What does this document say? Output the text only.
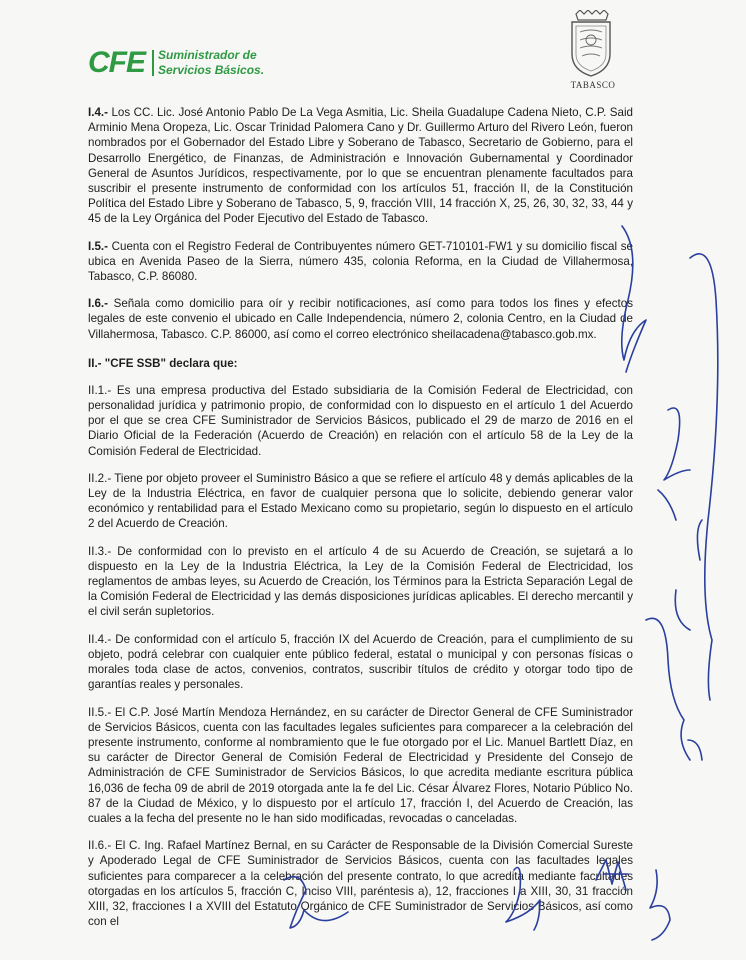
CFE Suministrador de
Servicios Básicos.
TABASCO

I.4.- Los CC. Lic. José Antonio Pablo De La Vega Asmitia, Lic. Sheila Guadalupe Cadena Nieto, C.P. Said Arminio Mena Oropeza, Lic. Oscar Trinidad Palomera Cano y Dr. Guillermo Arturo del Rivero León, fueron nombrados por el Gobernador del Estado Libre y Soberano de Tabasco, Secretario de Gobierno, para el Desarrollo Energético, de Finanzas, de Administración e Innovación Gubernamental y Coordinador General de Asuntos Jurídicos, respectivamente, por lo que se encuentran plenamente facultados para suscribir el presente instrumento de conformidad con los artículos 51, fracción II, de la Constitución Política del Estado Libre y Soberano de Tabasco, 5, 9, fracción VIII, 14 fracción X, 25, 26, 30, 32, 33, 44 y 45 de la Ley Orgánica del Poder Ejecutivo del Estado de Tabasco.

I.5.- Cuenta con el Registro Federal de Contribuyentes número GET-710101-FW1 y su domicilio fiscal se ubica en Avenida Paseo de la Sierra, número 435, colonia Reforma, en la Ciudad de Villahermosa, Tabasco, C.P. 86080.

I.6.- Señala como domicilio para oír y recibir notificaciones, así como para todos los fines y efectos legales de este convenio el ubicado en Calle Independencia, número 2, colonia Centro, en la Ciudad de Villahermosa, Tabasco. C.P. 86000, así como el correo electrónico sheilacadena@tabasco.gob.mx.

II.- "CFE SSB" declara que:

II.1.- Es una empresa productiva del Estado subsidiaria de la Comisión Federal de Electricidad, con personalidad jurídica y patrimonio propio, de conformidad con lo dispuesto en el artículo 1 del Acuerdo por el que se crea CFE Suministrador de Servicios Básicos, publicado el 29 de marzo de 2016 en el Diario Oficial de la Federación (Acuerdo de Creación) en relación con el artículo 58 de la Ley de la Comisión Federal de Electricidad.

II.2.- Tiene por objeto proveer el Suministro Básico a que se refiere el artículo 48 y demás aplicables de la Ley de la Industria Eléctrica, en favor de cualquier persona que lo solicite, debiendo generar valor económico y rentabilidad para el Estado Mexicano como su propietario, según lo dispuesto en el artículo 2 del Acuerdo de Creación.

II.3.- De conformidad con lo previsto en el artículo 4 de su Acuerdo de Creación, se sujetará a lo dispuesto en la Ley de la Industria Eléctrica, la Ley de la Comisión Federal de Electricidad, los reglamentos de ambas leyes, su Acuerdo de Creación, los Términos para la Estricta Separación Legal de la Comisión Federal de Electricidad y las demás disposiciones jurídicas aplicables. El derecho mercantil y el civil serán supletorios.

II.4.- De conformidad con el artículo 5, fracción IX del Acuerdo de Creación, para el cumplimiento de su objeto, podrá celebrar con cualquier ente público federal, estatal o municipal y con personas físicas o morales toda clase de actos, convenios, contratos, suscribir títulos de crédito y otorgar todo tipo de garantías reales y personales.

II.5.- El C.P. José Martín Mendoza Hernández, en su carácter de Director General de CFE Suministrador de Servicios Básicos, cuenta con las facultades legales suficientes para comparecer a la celebración del presente instrumento, conforme al nombramiento que le fue otorgado por el Lic. Manuel Bartlett Díaz, en su carácter de Director General de Comisión Federal de Electricidad y Presidente del Consejo de Administración de CFE Suministrador de Servicios Básicos, lo que acredita mediante escritura pública 16,036 de fecha 09 de abril de 2019 otorgada ante la fe del Lic. César Álvarez Flores, Notario Público No. 87 de la Ciudad de México, y lo dispuesto por el artículo 17, fracción I, del Acuerdo de Creación, las cuales a la fecha del presente no le han sido modificadas, revocadas o canceladas.

II.6.- El C. Ing. Rafael Martínez Bernal, en su Carácter de Responsable de la División Comercial Sureste y Apoderado Legal de CFE Suministrador de Servicios Básicos, cuenta con las facultades legales suficientes para comparecer a la celebración del presente contrato, lo que acredita mediante facultades otorgadas en los artículos 5, fracción C, Inciso VIII, paréntesis a), 12, fracciones I a XIII, 30, 31 fracción XIII, 32, fracciones I a XVIII del Estatuto Orgánico de CFE Suministrador de Servicios Básicos, así como con el
